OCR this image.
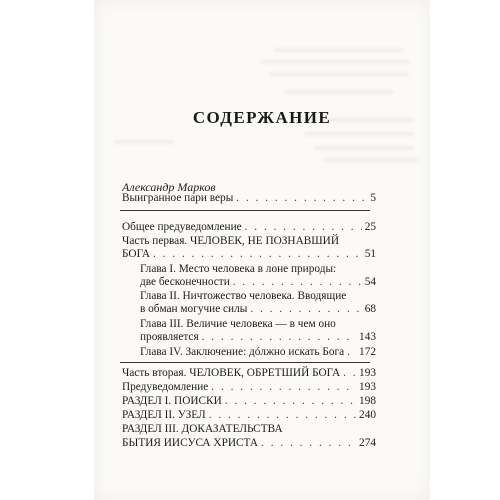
СОДЕРЖАНИЕ
Александр Марков
Выигранное пари веры . . .	5
Общее предуведомление . . .	25
Часть первая. ЧЕЛОВЕК, НЕ ПОЗНАВШИЙ
БОГА . . .	51
Глава I. Место человека в лоне природы:
две бесконечности . . .	54
Глава II. Ничтожество человека. Вводящие
в обман могучие силы . . .	68
Глава III. Величие человека — в чем оно
проявляется . . .	143
Глава IV. Заключение: дóлжно искать Бога . . . 172
Часть вторая. ЧЕЛОВЕК, ОБРЕТШИЙ БОГА . . . 193
Предуведомление . . .	193
РАЗДЕЛ I. ПОИСКИ . . .	198
РАЗДЕЛ II. УЗЕЛ . . .	240
РАЗДЕЛ III. ДОКАЗАТЕЛЬСТВА
БЫТИЯ ИИСУСА ХРИСТА . . .	274
